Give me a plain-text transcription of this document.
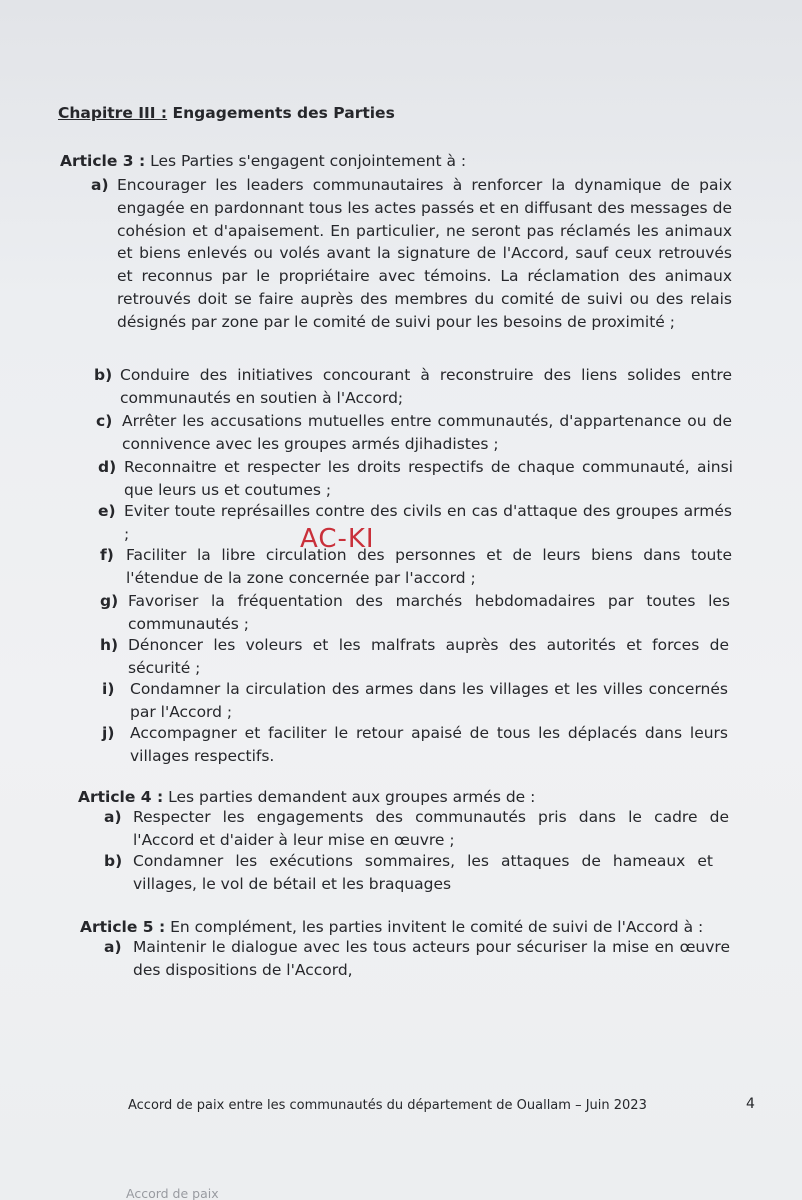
Chapitre III : Engagements des Parties
Article 3 : Les Parties s'engagent conjointement à :
a) Encourager les leaders communautaires à renforcer la dynamique de paix engagée en pardonnant tous les actes passés et en diffusant des messages de cohésion et d'apaisement. En particulier, ne seront pas réclamés les animaux et biens enlevés ou volés avant la signature de l'Accord, sauf ceux retrouvés et reconnus par le propriétaire avec témoins. La réclamation des animaux retrouvés doit se faire auprès des membres du comité de suivi ou des relais désignés par zone par le comité de suivi pour les besoins de proximité ;
b) Conduire des initiatives concourant à reconstruire des liens solides entre communautés en soutien à l'Accord;
c) Arrêter les accusations mutuelles entre communautés, d'appartenance ou de connivence avec les groupes armés djihadistes ;
d) Reconnaitre et respecter les droits respectifs de chaque communauté, ainsi que leurs us et coutumes ;
e) Eviter toute représailles contre des civils en cas d'attaque des groupes armés ;
f) Faciliter la libre circulation des personnes et de leurs biens dans toute l'étendue de la zone concernée par l'accord ;
g) Favoriser la fréquentation des marchés hebdomadaires par toutes les communautés ;
h) Dénoncer les voleurs et les malfrats auprès des autorités et forces de sécurité ;
i) Condamner la circulation des armes dans les villages et les villes concernés par l'Accord ;
j) Accompagner et faciliter le retour apaisé de tous les déplacés dans leurs villages respectifs.
AC-KI
Article 4 : Les parties demandent aux groupes armés de :
a) Respecter les engagements des communautés pris dans le cadre de l'Accord et d'aider à leur mise en œuvre ;
b) Condamner les exécutions sommaires, les attaques de hameaux et villages, le vol de bétail et les braquages
Article 5 : En complément, les parties invitent le comité de suivi de l'Accord à :
a) Maintenir le dialogue avec les tous acteurs pour sécuriser la mise en œuvre des dispositions de l'Accord,
Accord de paix entre les communautés du département de Ouallam – Juin 2023	4
Accord de paix
